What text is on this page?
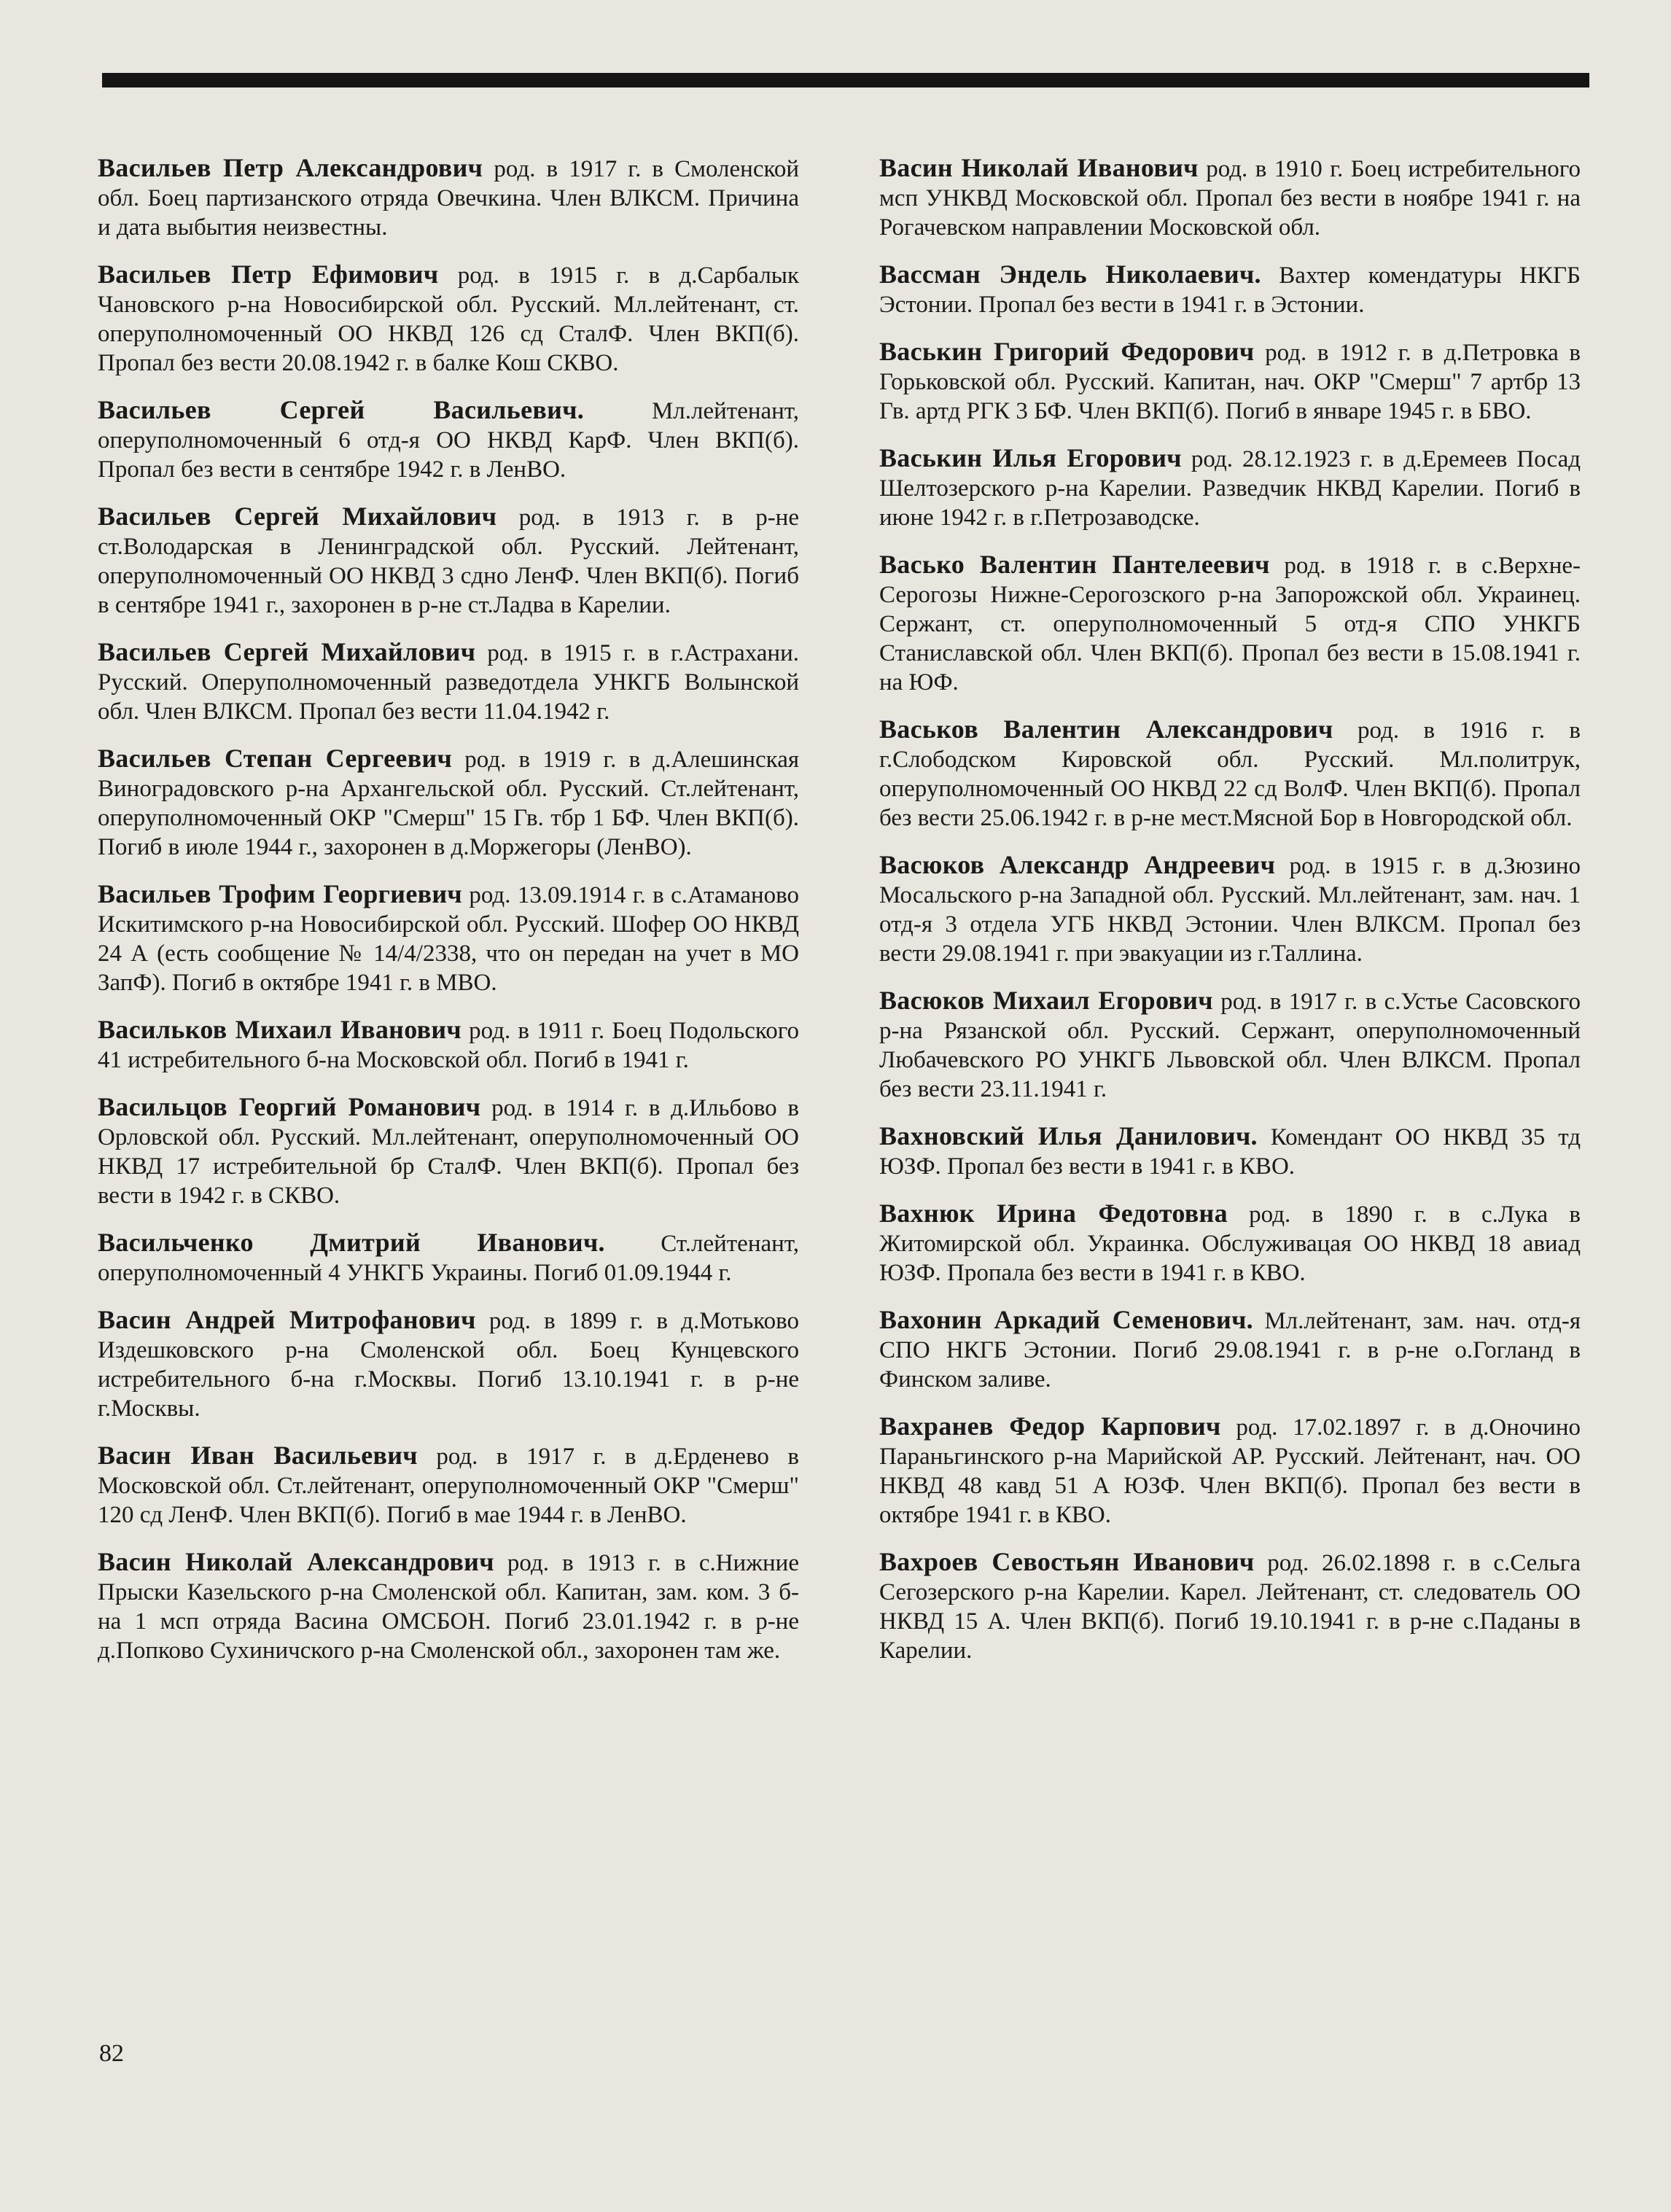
Васильев Петр Александрович род. в 1917 г. в Смоленской обл. Боец партизанского отряда Овечкина. Член ВЛКСМ. Причина и дата выбытия неизвестны.

Васильев Петр Ефимович род. в 1915 г. в д.Сарбалык Чановского р-на Новосибирской обл. Русский. Мл.лейтенант, ст. оперуполномоченный ОО НКВД 126 сд СталФ. Член ВКП(б). Пропал без вести 20.08.1942 г. в балке Кош СКВО.

Васильев Сергей Васильевич.	Мл.лейтенант, оперуполномоченный 6 отд-я ОО НКВД КарФ. Член ВКП(б). Пропал без вести в сентябре 1942 г. в ЛенВО.

Васильев Сергей Михайлович род. в 1913 г. в р-не ст.Володарская в Ленинградской обл. Русский. Лейтенант, оперуполномоченный ОО НКВД 3 сдно ЛенФ. Член ВКП(б). Погиб в сентябре 1941 г., захоронен в р-не ст.Ладва в Карелии.

Васильев Сергей Михайлович род. в 1915 г. в г.Астрахани. Русский. Оперуполномоченный разведотдела УНКГБ Волынской обл. Член ВЛКСМ. Пропал без вести 11.04.1942 г.

Васильев Степан Сергеевич род. в 1919 г. в д.Алешинская Виноградовского р-на Архангельской обл. Русский. Ст.лейтенант, оперуполномоченный ОКР "Смерш" 15 Гв. тбр 1 БФ. Член ВКП(б). Погиб в июле 1944 г., захоронен в д.Моржегоры (ЛенВО).

Васильев Трофим Георгиевич род. 13.09.1914 г. в с.Атаманово Искитимского р-на Новосибирской обл. Русский. Шофер ОО НКВД 24 А (есть сообщение № 14/4/2338, что он передан на учет в МО ЗапФ). Погиб в октябре 1941 г. в МВО.

Васильков Михаил Иванович род. в 1911 г. Боец Подольского 41 истребительного б-на Московской обл. Погиб в 1941 г.

Васильцов Георгий Романович род. в 1914 г. в д.Ильбово в Орловской обл. Русский. Мл.лейтенант, оперуполномоченный ОО НКВД 17 истребительной бр СталФ. Член ВКП(б). Пропал без вести в 1942 г. в СКВО.

Васильченко Дмитрий Иванович. Ст.лейтенант, оперуполномоченный 4 УНКГБ Украины. Погиб 01.09.1944 г.

Васин Андрей Митрофанович род. в 1899 г. в д.Мотьково Издешковского р-на Смоленской обл. Боец Кунцевского истребительного б-на г.Москвы. Погиб 13.10.1941 г. в р-не г.Москвы.

Васин Иван Васильевич род. в 1917 г. в д.Ерденево в Московской обл. Ст.лейтенант, оперуполномоченный ОКР "Смерш" 120 сд ЛенФ. Член ВКП(б). Погиб в мае 1944 г. в ЛенВО.

Васин Николай Александрович род. в 1913 г. в с.Нижние Прыски Казельского р-на Смоленской обл. Капитан, зам. ком. 3 б-на 1 мсп отряда Васина ОМСБОН. Погиб 23.01.1942 г. в р-не д.Попково Сухиничского р-на Смоленской обл., захоронен там же.

Васин Николай Иванович род. в 1910 г. Боец истребительного мсп УНКВД Московской обл. Пропал без вести в ноябре 1941 г. на Рогачевском направлении Московской обл.

Вассман Эндель Николаевич. Вахтер комендатуры НКГБ Эстонии. Пропал без вести в 1941 г. в Эстонии.

Васькин Григорий Федорович род. в 1912 г. в д.Петровка в Горьковской обл. Русский. Капитан, нач. ОКР "Смерш" 7 артбр 13 Гв. артд РГК 3 БФ. Член ВКП(б). Погиб в январе 1945 г. в БВО.

Васькин Илья Егорович род. 28.12.1923 г. в д.Еремеев Посад Шелтозерского р-на Карелии. Разведчик НКВД Карелии. Погиб в июне 1942 г. в г.Петрозаводске.

Васько Валентин Пантелеевич род. в 1918 г. в с.Верхне-Серогозы Нижне-Серогозского р-на Запорожской обл. Украинец. Сержант, ст. оперуполномоченный 5 отд-я СПО УНКГБ Станиславской обл. Член ВКП(б). Пропал без вести в 15.08.1941 г. на ЮФ.

Васьков Валентин Александрович род. в 1916 г. в г.Слободском Кировской обл. Русский. Мл.политрук, оперуполномоченный ОО НКВД 22 сд ВолФ. Член ВКП(б). Пропал без вести 25.06.1942 г. в р-не мест.Мясной Бор в Новгородской обл.

Васюков Александр Андреевич род. в 1915 г. в д.Зюзино Мосальского р-на Западной обл. Русский. Мл.лейтенант, зам. нач. 1 отд-я 3 отдела УГБ НКВД Эстонии. Член ВЛКСМ. Пропал без вести 29.08.1941 г. при эвакуации из г.Таллина.

Васюков Михаил Егорович род. в 1917 г. в с.Устье Сасовского р-на Рязанской обл. Русский. Сержант, оперуполномоченный Любачевского РО УНКГБ Львовской обл. Член ВЛКСМ. Пропал без вести 23.11.1941 г.

Вахновский Илья Данилович. Комендант ОО НКВД 35 тд ЮЗФ. Пропал без вести в 1941 г. в КВО.

Вахнюк Ирина Федотовна род. в 1890 г. в с.Лука в Житомирской обл. Украинка. Обслуживацая ОО НКВД 18 авиад ЮЗФ. Пропала без вести в 1941 г. в КВО.

Вахонин Аркадий Семенович. Мл.лейтенант, зам. нач. отд-я СПО НКГБ Эстонии. Погиб 29.08.1941 г. в р-не о.Гогланд в Финском заливе.

Вахранев Федор Карпович род. 17.02.1897 г. в д.Оночино Параньгинского р-на Марийской АР. Русский. Лейтенант, нач. ОО НКВД 48 кавд 51 А ЮЗФ. Член ВКП(б). Пропал без вести в октябре 1941 г. в КВО.

Вахроев Севостьян Иванович род. 26.02.1898 г. в с.Сельга Сегозерского р-на Карелии. Карел. Лейтенант, ст. следователь ОО НКВД 15 А. Член ВКП(б). Погиб 19.10.1941 г. в р-не с.Паданы в Карелии.

82
